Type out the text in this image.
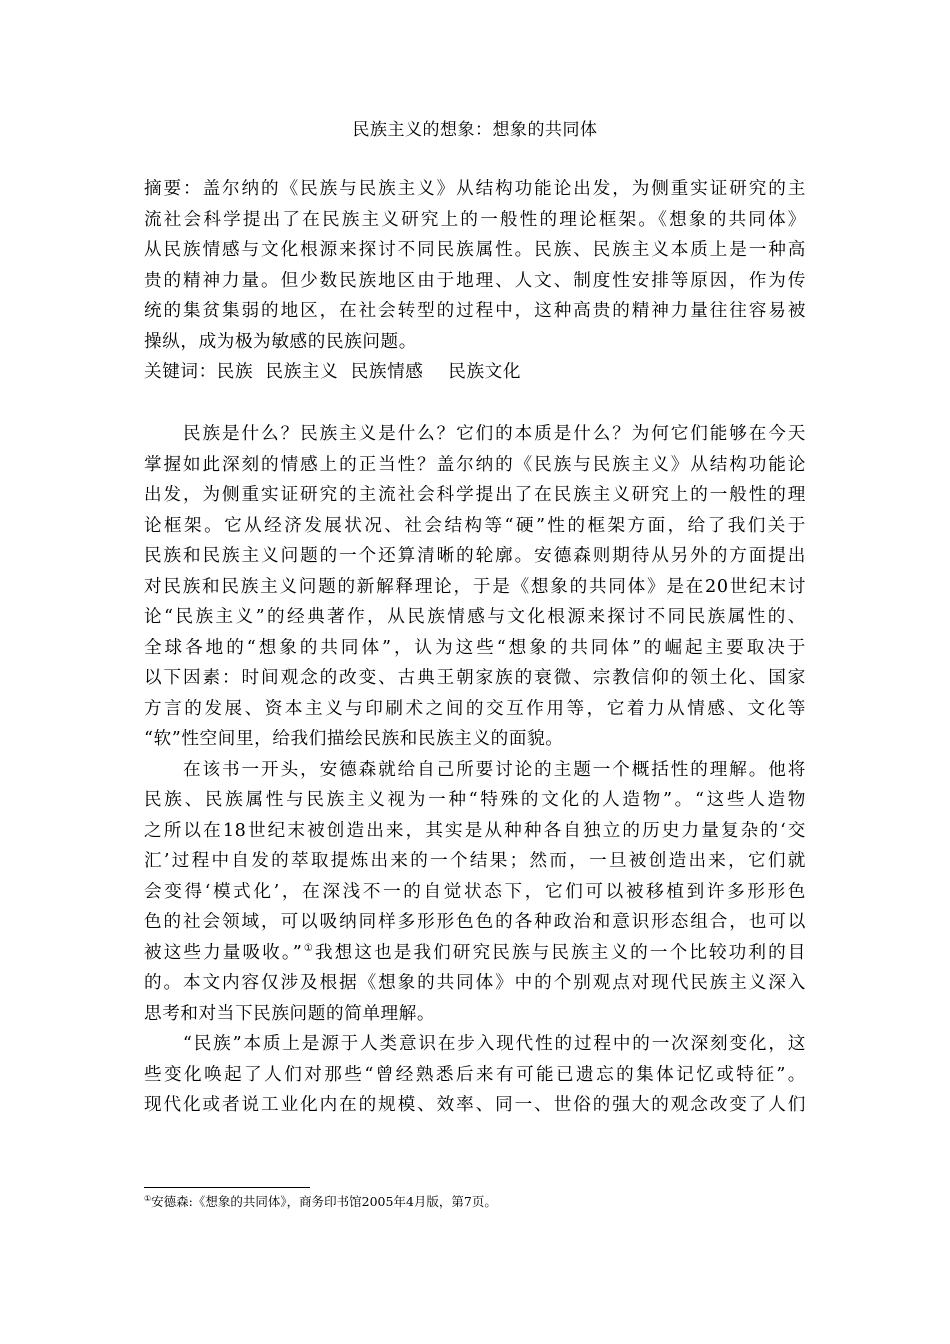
民族主义的想象：想象的共同体
摘要：盖尔纳的《民族与民族主义》从结构功能论出发，为侧重实证研究的主
流社会科学提出了在民族主义研究上的一般性的理论框架。《想象的共同体》
从民族情感与文化根源来探讨不同民族属性。民族、民族主义本质上是一种高
贵的精神力量。但少数民族地区由于地理、人文、制度性安排等原因，作为传
统的集贫集弱的地区，在社会转型的过程中，这种高贵的精神力量往往容易被
操纵，成为极为敏感的民族问题。
关键词：民族  民族主义  民族情感    民族文化
　　民族是什么？民族主义是什么？它们的本质是什么？为何它们能够在今天
掌握如此深刻的情感上的正当性？盖尔纳的《民族与民族主义》从结构功能论
出发，为侧重实证研究的主流社会科学提出了在民族主义研究上的一般性的理
论框架。它从经济发展状况、社会结构等“硬”性的框架方面，给了我们关于
民族和民族主义问题的一个还算清晰的轮廓。安德森则期待从另外的方面提出
对民族和民族主义问题的新解释理论，于是《想象的共同体》是在20世纪末讨
论“民族主义”的经典著作，从民族情感与文化根源来探讨不同民族属性的、
全球各地的“想象的共同体”，认为这些“想象的共同体”的崛起主要取决于
以下因素：时间观念的改变、古典王朝家族的衰微、宗教信仰的领土化、国家
方言的发展、资本主义与印刷术之间的交互作用等，它着力从情感、文化等
“软”性空间里，给我们描绘民族和民族主义的面貌。
　　在该书一开头，安德森就给自己所要讨论的主题一个概括性的理解。他将
民族、民族属性与民族主义视为一种“特殊的文化的人造物”。“这些人造物
之所以在18世纪末被创造出来，其实是从种种各自独立的历史力量复杂的‘交
汇’过程中自发的萃取提炼出来的一个结果；然而，一旦被创造出来，它们就
会变得‘模式化’，在深浅不一的自觉状态下，它们可以被移植到许多形形色
色的社会领域，可以吸纳同样多形形色色的各种政治和意识形态组合，也可以
被这些力量吸收。”①我想这也是我们研究民族与民族主义的一个比较功利的目
的。本文内容仅涉及根据《想象的共同体》中的个别观点对现代民族主义深入
思考和对当下民族问题的简单理解。
　　“民族”本质上是源于人类意识在步入现代性的过程中的一次深刻变化，这
些变化唤起了人们对那些“曾经熟悉后来有可能已遗忘的集体记忆或特征”。
现代化或者说工业化内在的规模、效率、同一、世俗的强大的观念改变了人们
①安德森:《想象的共同体》，商务印书馆2005年4月版，第7页。
